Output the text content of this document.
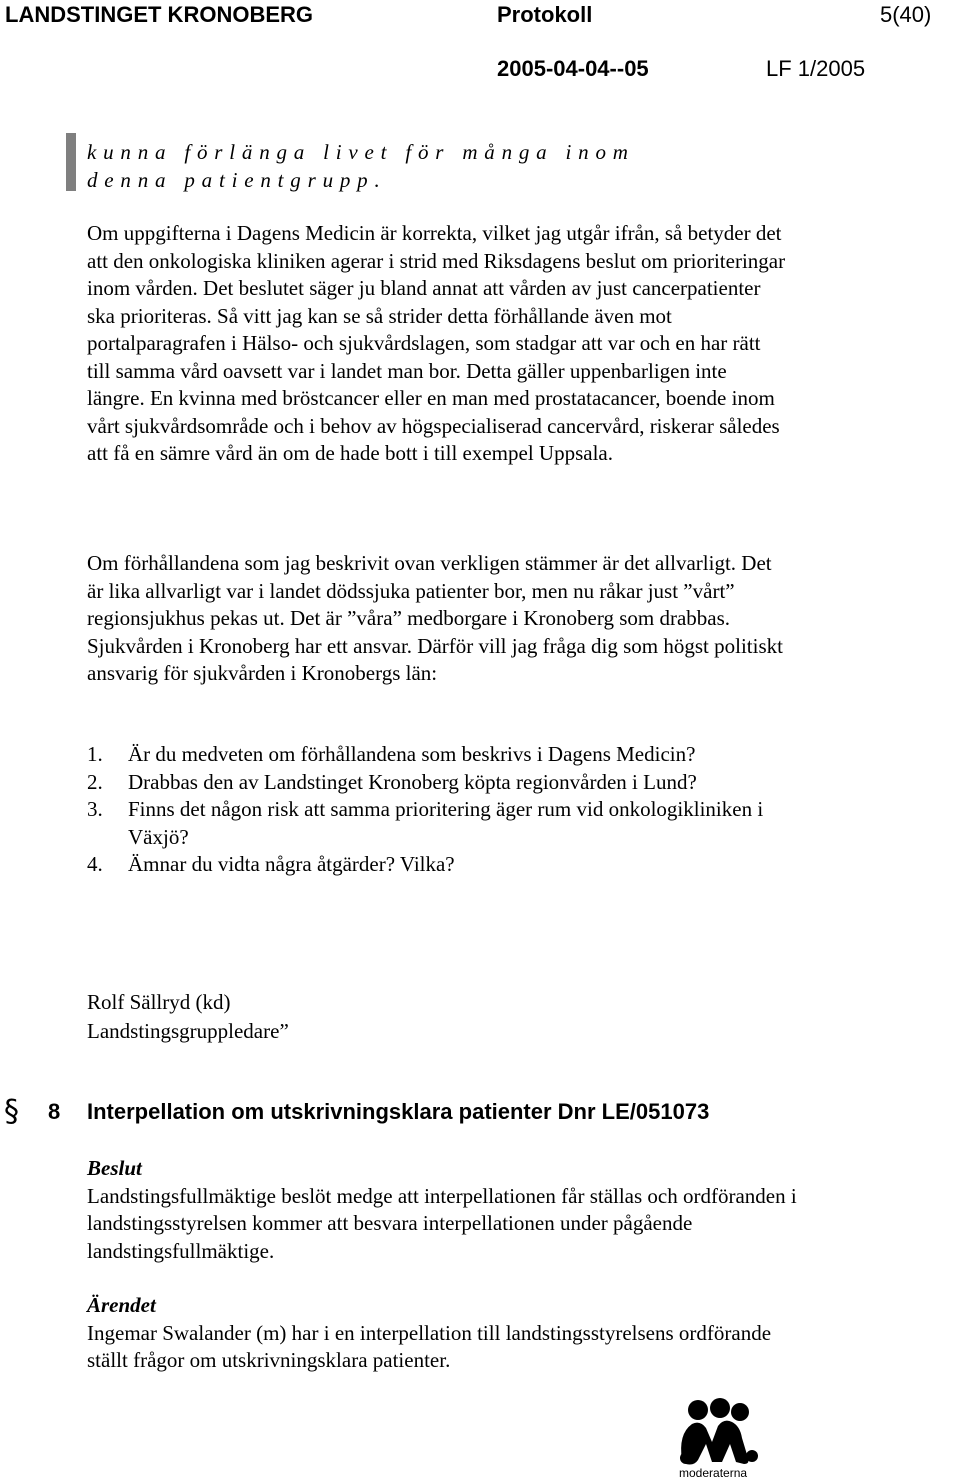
LANDSTINGET KRONOBERG	Protokoll	5(40)
2005-04-04--05	LF 1/2005
kunna förlänga livet för många inom denna patientgrupp.

Om uppgifterna i Dagens Medicin är korrekta, vilket jag utgår ifrån, så betyder det att den onkologiska kliniken agerar i strid med Riksdagens beslut om prioriteringar inom vården. Det beslutet säger ju bland annat att vården av just cancerpatienter ska prioriteras. Så vitt jag kan se så strider detta förhållande även mot portalparagrafen i Hälso- och sjukvårdslagen, som stadgar att var och en har rätt till samma vård oavsett var i landet man bor. Detta gäller uppenbarligen inte längre. En kvinna med bröstcancer eller en man med prostatacancer, boende inom vårt sjukvårdsområde och i behov av högspecialiserad cancervård, riskerar således att få en sämre vård än om de hade bott i till exempel Uppsala.

Om förhållandena som jag beskrivit ovan verkligen stämmer är det allvarligt. Det är lika allvarligt var i landet dödssjuka patienter bor, men nu råkar just ”vårt” regionsjukhus pekas ut. Det är ”våra” medborgare i Kronoberg som drabbas. Sjukvården i Kronoberg har ett ansvar. Därför vill jag fråga dig som högst politiskt ansvarig för sjukvården i Kronobergs län:

1.	Är du medveten om förhållandena som beskrivs i Dagens Medicin?
2.	Drabbas den av Landstinget Kronoberg köpta regionvården i Lund?
3.	Finns det någon risk att samma prioritering äger rum vid onkologikliniken i Växjö?
4.	Ämnar du vidta några åtgärder? Vilka?
Rolf Sällryd (kd)
Landstingsgruppledare”
§ 8 Interpellation om utskrivningsklara patienter Dnr LE/051073
Beslut
Landstingsfullmäktige beslöt medge att interpellationen får ställas och ordföranden i landstingsstyrelsen kommer att besvara interpellationen under pågående landstingsfullmäktige.
Ärendet
Ingemar Swalander (m) har i en interpellation till landstingsstyrelsens ordförande ställt frågor om utskrivningsklara patienter.
moderaterna
